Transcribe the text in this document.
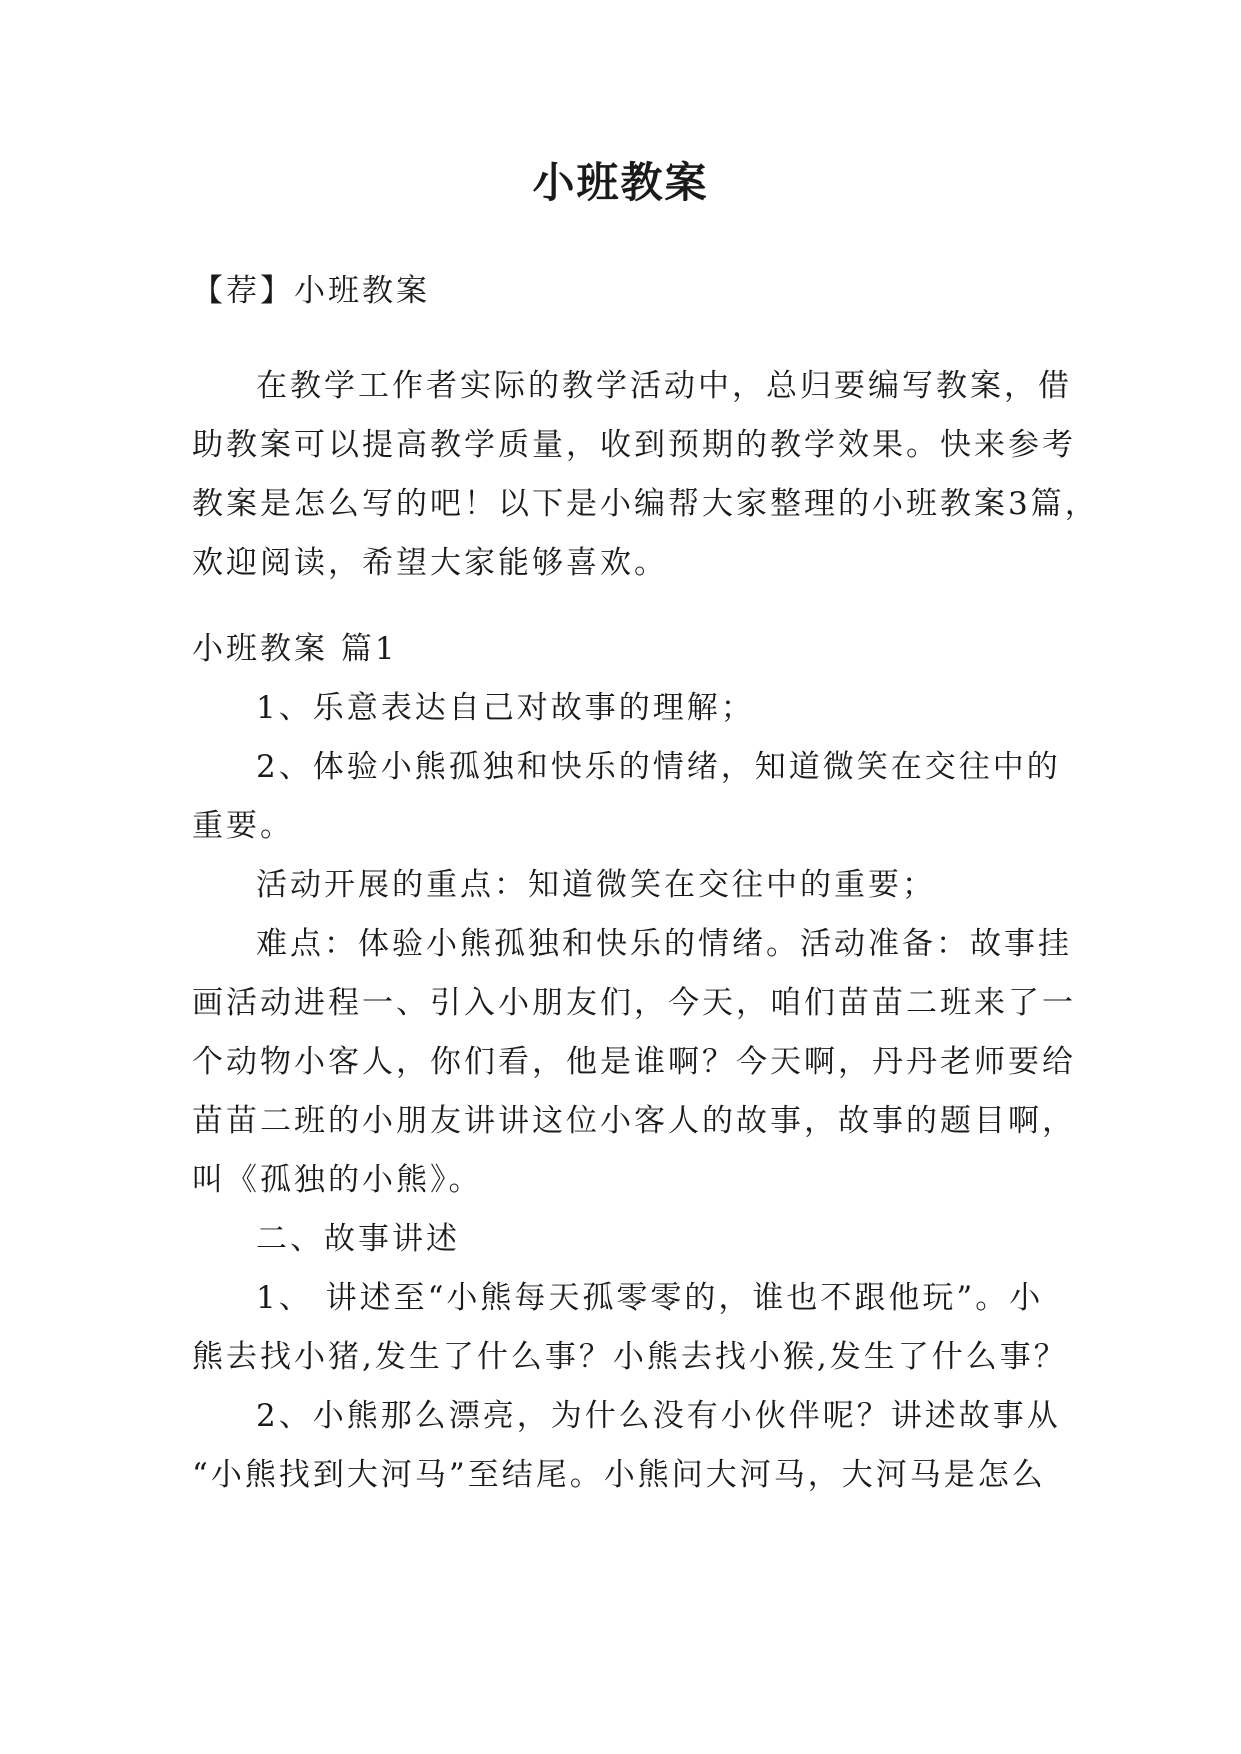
小班教案
【荐】小班教案
在教学工作者实际的教学活动中，总归要编写教案，借
助教案可以提高教学质量，收到预期的教学效果。快来参考
教案是怎么写的吧！以下是小编帮大家整理的小班教案3篇，
欢迎阅读，希望大家能够喜欢。
小班教案 篇1
1、乐意表达自己对故事的理解；
2、体验小熊孤独和快乐的情绪，知道微笑在交往中的
重要。
活动开展的重点：知道微笑在交往中的重要；
难点：体验小熊孤独和快乐的情绪。活动准备：故事挂
画活动进程一、引入小朋友们，今天，咱们苗苗二班来了一
个动物小客人，你们看，他是谁啊？今天啊，丹丹老师要给
苗苗二班的小朋友讲讲这位小客人的故事，故事的题目啊，
叫《孤独的小熊》。
二、故事讲述
1、 讲述至“小熊每天孤零零的，谁也不跟他玩”。小
熊去找小猪,发生了什么事？小熊去找小猴,发生了什么事？
2、小熊那么漂亮，为什么没有小伙伴呢？讲述故事从
“小熊找到大河马”至结尾。小熊问大河马，大河马是怎么
